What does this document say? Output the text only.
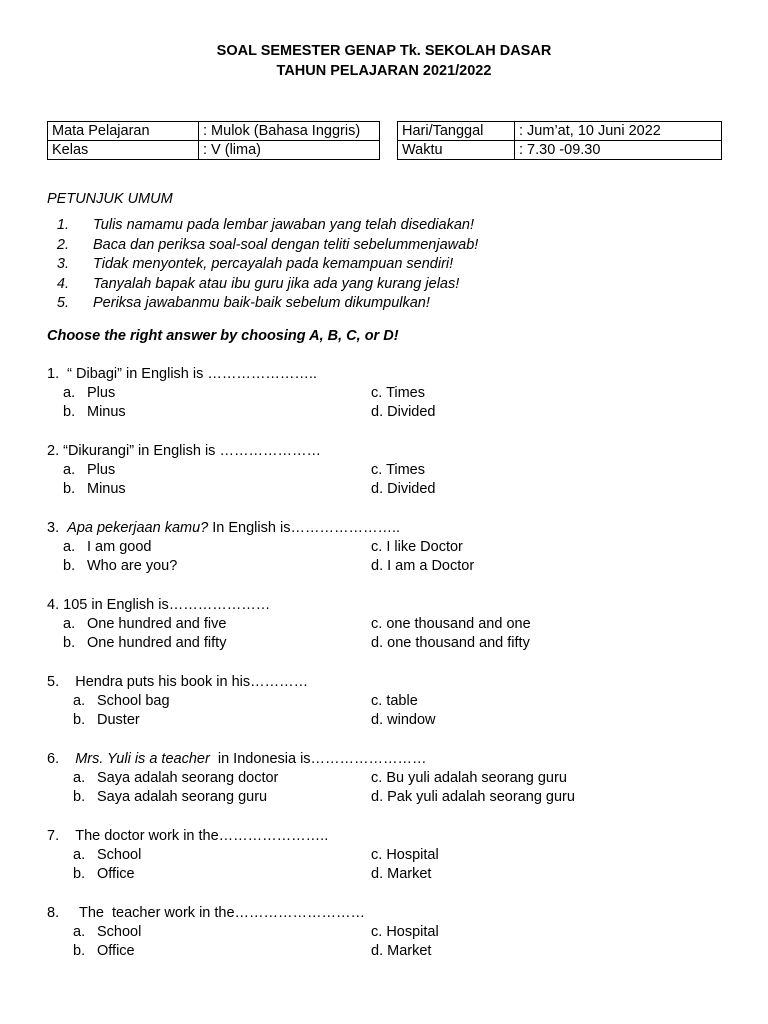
SOAL SEMESTER GENAP Tk. SEKOLAH DASAR
TAHUN PELAJARAN 2021/2022
Mata Pelajaran	: Mulok (Bahasa Inggris)
Kelas	: V (lima)
Hari/Tanggal	: Jum’at, 10 Juni 2022
Waktu	: 7.30 -09.30
PETUNJUK UMUM
1. Tulis namamu pada lembar jawaban yang telah disediakan!
2. Baca dan periksa soal-soal dengan teliti sebelummenjawab!
3. Tidak menyontek, percayalah pada kemampuan sendiri!
4. Tanyalah bapak atau ibu guru jika ada yang kurang jelas!
5. Periksa jawabanmu baik-baik sebelum dikumpulkan!
Choose the right answer by choosing A, B, C, or D!
1. “ Dibagi” in English is …………………..
a. Plus	c. Times
b. Minus	d. Divided
2. “Dikurangi” in English is …………………
a. Plus	c. Times
b. Minus	d. Divided
3. Apa pekerjaan kamu? In English is…………………..
a. I am good	c. I like Doctor
b. Who are you?	d. I am a Doctor
4. 105 in English is…………………
a. One hundred and five	c. one thousand and one
b. One hundred and fifty	d. one thousand and fifty
5. Hendra puts his book in his…………
a. School bag	c. table
b. Duster	d. window
6. Mrs. Yuli is a teacher  in Indonesia is……………………
a. Saya adalah seorang doctor	c. Bu yuli adalah seorang guru
b. Saya adalah seorang guru	d. Pak yuli adalah seorang guru
7. The doctor work in the…………………..
a. School	c. Hospital
b. Office	d. Market
8.     The  teacher work in the………………………
a. School	c. Hospital
b. Office	d. Market
